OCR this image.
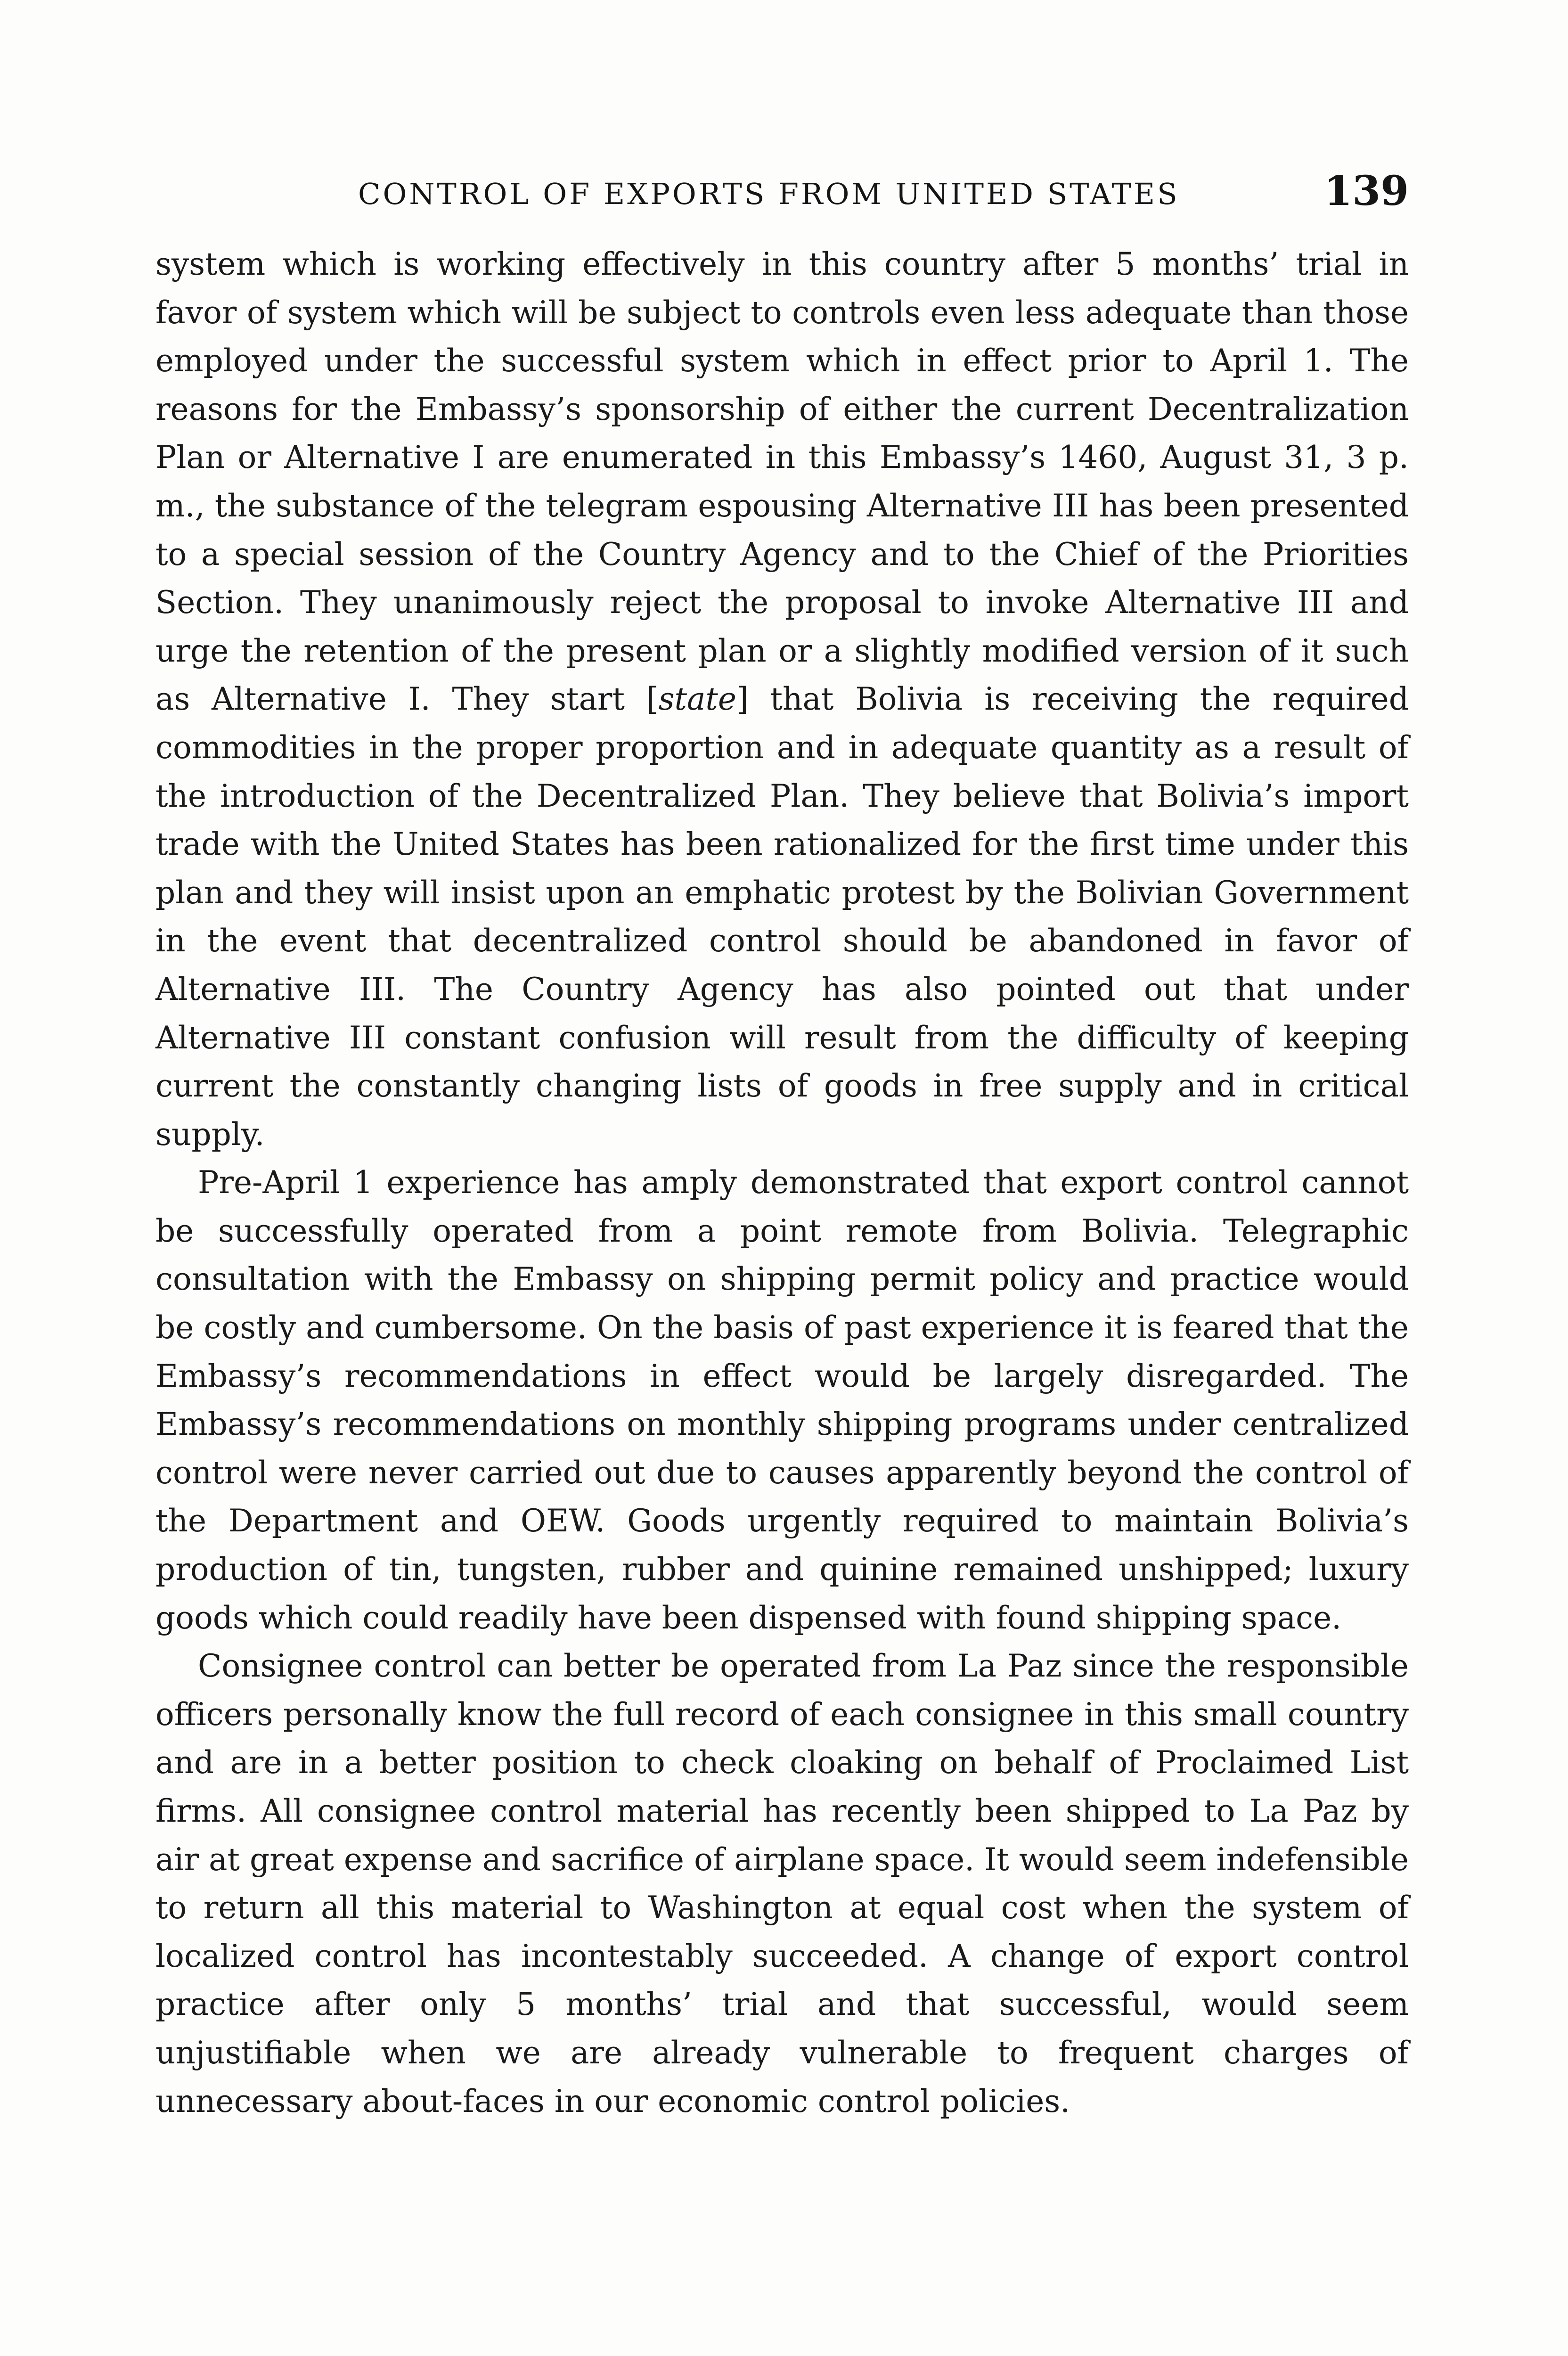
CONTROL OF EXPORTS FROM UNITED STATES	139

system which is working effectively in this country after 5 months’ trial in favor of system which will be subject to controls even less adequate than those employed under the successful system which in effect prior to April 1. The reasons for the Embassy’s sponsorship of either the current Decentralization Plan or Alternative I are enumerated in this Embassy’s 1460, August 31, 3 p. m., the substance of the telegram espousing Alternative III has been presented to a special session of the Country Agency and to the Chief of the Priorities Section. They unanimously reject the proposal to invoke Alternative III and urge the retention of the present plan or a slightly modified version of it such as Alternative I. They start [state] that Bolivia is receiving the required commodities in the proper proportion and in adequate quantity as a result of the introduction of the Decentralized Plan. They believe that Bolivia’s import trade with the United States has been rationalized for the first time under this plan and they will insist upon an emphatic protest by the Bolivian Government in the event that decentralized control should be abandoned in favor of Alternative III. The Country Agency has also pointed out that under Alternative III constant confusion will result from the difficulty of keeping current the constantly changing lists of goods in free supply and in critical supply.

Pre-April 1 experience has amply demonstrated that export control cannot be successfully operated from a point remote from Bolivia. Telegraphic consultation with the Embassy on shipping permit policy and practice would be costly and cumbersome. On the basis of past experience it is feared that the Embassy’s recommendations in effect would be largely disregarded. The Embassy’s recommendations on monthly shipping programs under centralized control were never carried out due to causes apparently beyond the control of the Department and OEW. Goods urgently required to maintain Bolivia’s production of tin, tungsten, rubber and quinine remained unshipped; luxury goods which could readily have been dispensed with found shipping space.

Consignee control can better be operated from La Paz since the responsible officers personally know the full record of each consignee in this small country and are in a better position to check cloaking on behalf of Proclaimed List firms. All consignee control material has recently been shipped to La Paz by air at great expense and sacrifice of airplane space. It would seem indefensible to return all this material to Washington at equal cost when the system of localized control has incontestably succeeded. A change of export control practice after only 5 months’ trial and that successful, would seem unjustifiable when we are already vulnerable to frequent charges of unnecessary about-faces in our economic control policies.
